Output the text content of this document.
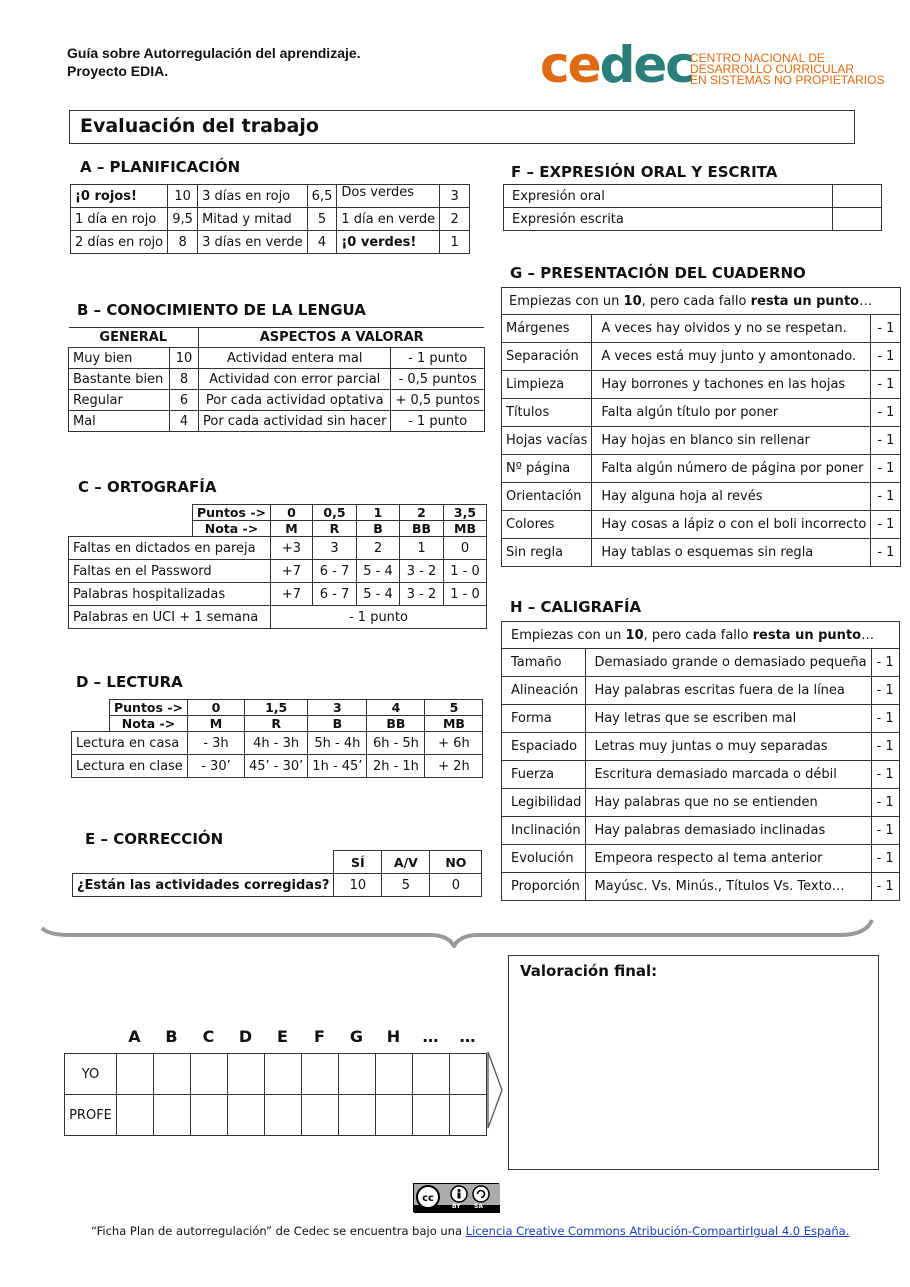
Guía sobre Autorregulación del aprendizaje.
Proyecto EDIA.	cedec
CENTRO NACIONAL DE
DESARROLLO CURRICULAR
EN SISTEMAS NO PROPIETARIOS
Evaluación del trabajo
A – PLANIFICACIÓN
¡0 rojos!	10	3 días en rojo	6,5	Dos verdes	3
1 día en rojo	9,5	Mitad y mitad	5	1 día en verde	2
2 días en rojo	8	3 días en verde	4	¡0 verdes!	1
B – CONOCIMIENTO DE LA LENGUA
GENERAL		ASPECTOS A VALORAR	
Muy bien	10	Actividad entera mal	- 1 punto
Bastante bien	8	Actividad con error parcial	- 0,5 puntos
Regular	6	Por cada actividad optativa	+ 0,5 puntos
Mal	4	Por cada actividad sin hacer	- 1 punto
C – ORTOGRAFÍA
	Puntos ->	0	0,5	1	2	3,5
	Nota ->	M	R	B	BB	MB
Faltas en dictados en pareja		+3	3	2	1	0
Faltas en el Password		+7	6 - 7	5 - 4	3 - 2	1 - 0
Palabras hospitalizadas		+7	6 - 7	5 - 4	3 - 2	1 - 0
Palabras en UCI + 1 semana		- 1 punto				
D – LECTURA
	Puntos ->	0	1,5	3	4	5
	Nota ->	M	R	B	BB	MB
Lectura en casa		- 3h	4h - 3h	5h - 4h	6h - 5h	+ 6h
Lectura en clase		- 30’	45’ - 30’	1h - 45’	2h - 1h	+ 2h
E – CORRECCIÓN
	SÍ	A/V	NO
¿Están las actividades corregidas?	10	5	0
F – EXPRESIÓN ORAL Y ESCRITA
Expresión oral	
Expresión escrita	
G – PRESENTACIÓN DEL CUADERNO
Empiezas con un 10, pero cada fallo resta un punto…		
Márgenes	A veces hay olvidos y no se respetan.	- 1
Separación	A veces está muy junto y amontonado.	- 1
Limpieza	Hay borrones y tachones en las hojas	- 1
Títulos	Falta algún título por poner	- 1
Hojas vacías	Hay hojas en blanco sin rellenar	- 1
Nº página	Falta algún número de página por poner	- 1
Orientación	Hay alguna hoja al revés	- 1
Colores	Hay cosas a lápiz o con el boli incorrecto	- 1
Sin regla	Hay tablas o esquemas sin regla	- 1
H – CALIGRAFÍA
Empiezas con un 10, pero cada fallo resta un punto…		
Tamaño	Demasiado grande o demasiado pequeña	- 1
Alineación	Hay palabras escritas fuera de la línea	- 1
Forma	Hay letras que se escriben mal	- 1
Espaciado	Letras muy juntas o muy separadas	- 1
Fuerza	Escritura demasiado marcada o débil	- 1
Legibilidad	Hay palabras que no se entienden	- 1
Inclinación	Hay palabras demasiado inclinadas	- 1
Evolución	Empeora respecto al tema anterior	- 1
Proporción	Mayúsc. Vs. Minús., Títulos Vs. Texto…	- 1
A B C D E F G H … …
YO										
PROFE										
Valoración final:
cc
BY SA
“Ficha Plan de autorregulación” de Cedec se encuentra bajo una Licencia Creative Commons Atribución-CompartirIgual 4.0 España.
